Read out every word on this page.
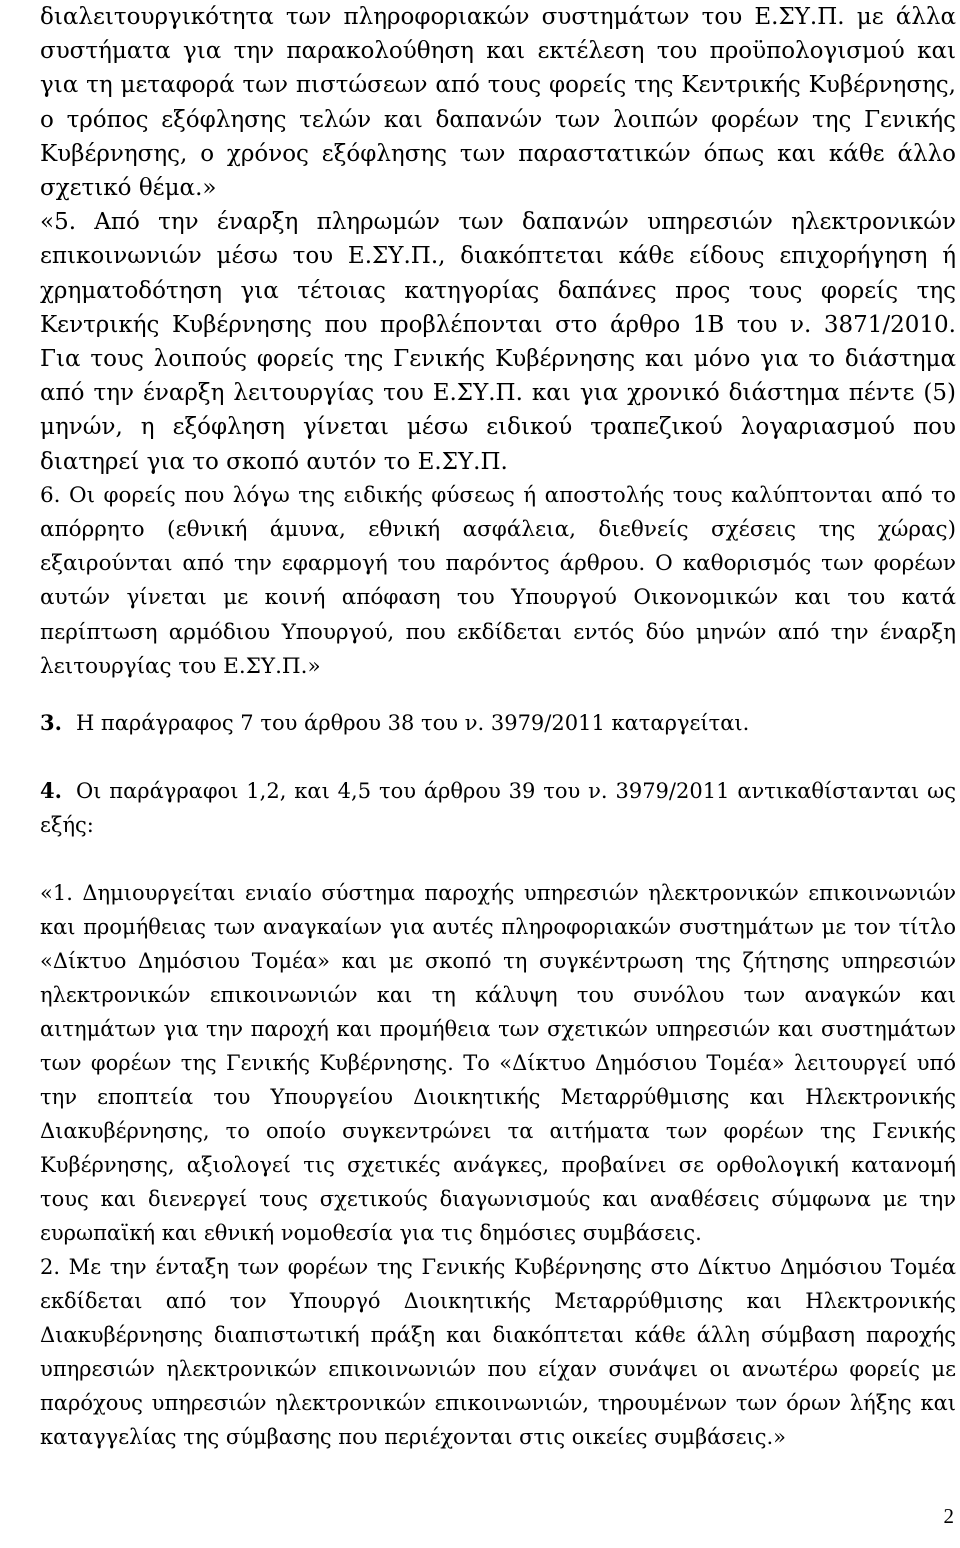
διαλειτουργικότητα των πληροφοριακών συστημάτων του Ε.ΣΥ.Π. με άλλα συστήματα για την παρακολούθηση και εκτέλεση του προϋπολογισμού και για τη μεταφορά των πιστώσεων από τους φορείς της Κεντρικής Κυβέρνησης, ο τρόπος εξόφλησης τελών και δαπανών των λοιπών φορέων της Γενικής Κυβέρνησης, ο χρόνος εξόφλησης των παραστατικών όπως και κάθε άλλο σχετικό θέμα.»

«5. Από την έναρξη πληρωμών των δαπανών υπηρεσιών ηλεκτρονικών επικοινωνιών μέσω του Ε.ΣΥ.Π., διακόπτεται κάθε είδους επιχορήγηση ή χρηματοδότηση για τέτοιας κατηγορίας δαπάνες προς τους φορείς της Κεντρικής Κυβέρνησης που προβλέπονται στο άρθρο 1Β του ν. 3871/2010. Για τους λοιπούς φορείς της Γενικής Κυβέρνησης και μόνο για το διάστημα από την έναρξη λειτουργίας του Ε.ΣΥ.Π. και για χρονικό διάστημα πέντε (5) μηνών, η εξόφληση γίνεται μέσω ειδικού τραπεζικού λογαριασμού που διατηρεί για το σκοπό αυτόν το Ε.ΣΥ.Π.

6. Οι φορείς που λόγω της ειδικής φύσεως ή αποστολής τους καλύπτονται από το απόρρητο (εθνική άμυνα, εθνική ασφάλεια, διεθνείς σχέσεις της χώρας) εξαιρούνται από την εφαρμογή του παρόντος άρθρου. Ο καθορισμός των φορέων αυτών γίνεται με κοινή απόφαση του Υπουργού Οικονομικών και του κατά περίπτωση αρμόδιου Υπουργού, που εκδίδεται εντός δύο μηνών από την έναρξη λειτουργίας του Ε.ΣΥ.Π.»

3. Η παράγραφος 7 του άρθρου 38 του ν. 3979/2011 καταργείται.

4. Οι παράγραφοι 1,2, και 4,5 του άρθρου 39 του ν. 3979/2011 αντικαθίστανται ως εξής:

«1. Δημιουργείται ενιαίο σύστημα παροχής υπηρεσιών ηλεκτρονικών επικοινωνιών και προμήθειας των αναγκαίων για αυτές πληροφοριακών συστημάτων με τον τίτλο «Δίκτυο Δημόσιου Τομέα» και με σκοπό τη συγκέντρωση της ζήτησης υπηρεσιών ηλεκτρονικών επικοινωνιών και τη κάλυψη του συνόλου των αναγκών και αιτημάτων για την παροχή και προμήθεια των σχετικών υπηρεσιών και συστημάτων των φορέων της Γενικής Κυβέρνησης. Το «Δίκτυο Δημόσιου Τομέα» λειτουργεί υπό την εποπτεία του Υπουργείου Διοικητικής Μεταρρύθμισης και Ηλεκτρονικής Διακυβέρνησης, το οποίο συγκεντρώνει τα αιτήματα των φορέων της Γενικής Κυβέρνησης, αξιολογεί τις σχετικές ανάγκες, προβαίνει σε ορθολογική κατανομή τους και διενεργεί τους σχετικούς διαγωνισμούς και αναθέσεις σύμφωνα με την ευρωπαϊκή και εθνική νομοθεσία για τις δημόσιες συμβάσεις.

2. Με την ένταξη των φορέων της Γενικής Κυβέρνησης στο Δίκτυο Δημόσιου Τομέα εκδίδεται από τον Υπουργό Διοικητικής Μεταρρύθμισης και Ηλεκτρονικής Διακυβέρνησης διαπιστωτική πράξη και διακόπτεται κάθε άλλη σύμβαση παροχής υπηρεσιών ηλεκτρονικών επικοινωνιών που είχαν συνάψει οι ανωτέρω φορείς με παρόχους υπηρεσιών ηλεκτρονικών επικοινωνιών, τηρουμένων των όρων λήξης και καταγγελίας της σύμβασης που περιέχονται στις οικείες συμβάσεις.»

2
